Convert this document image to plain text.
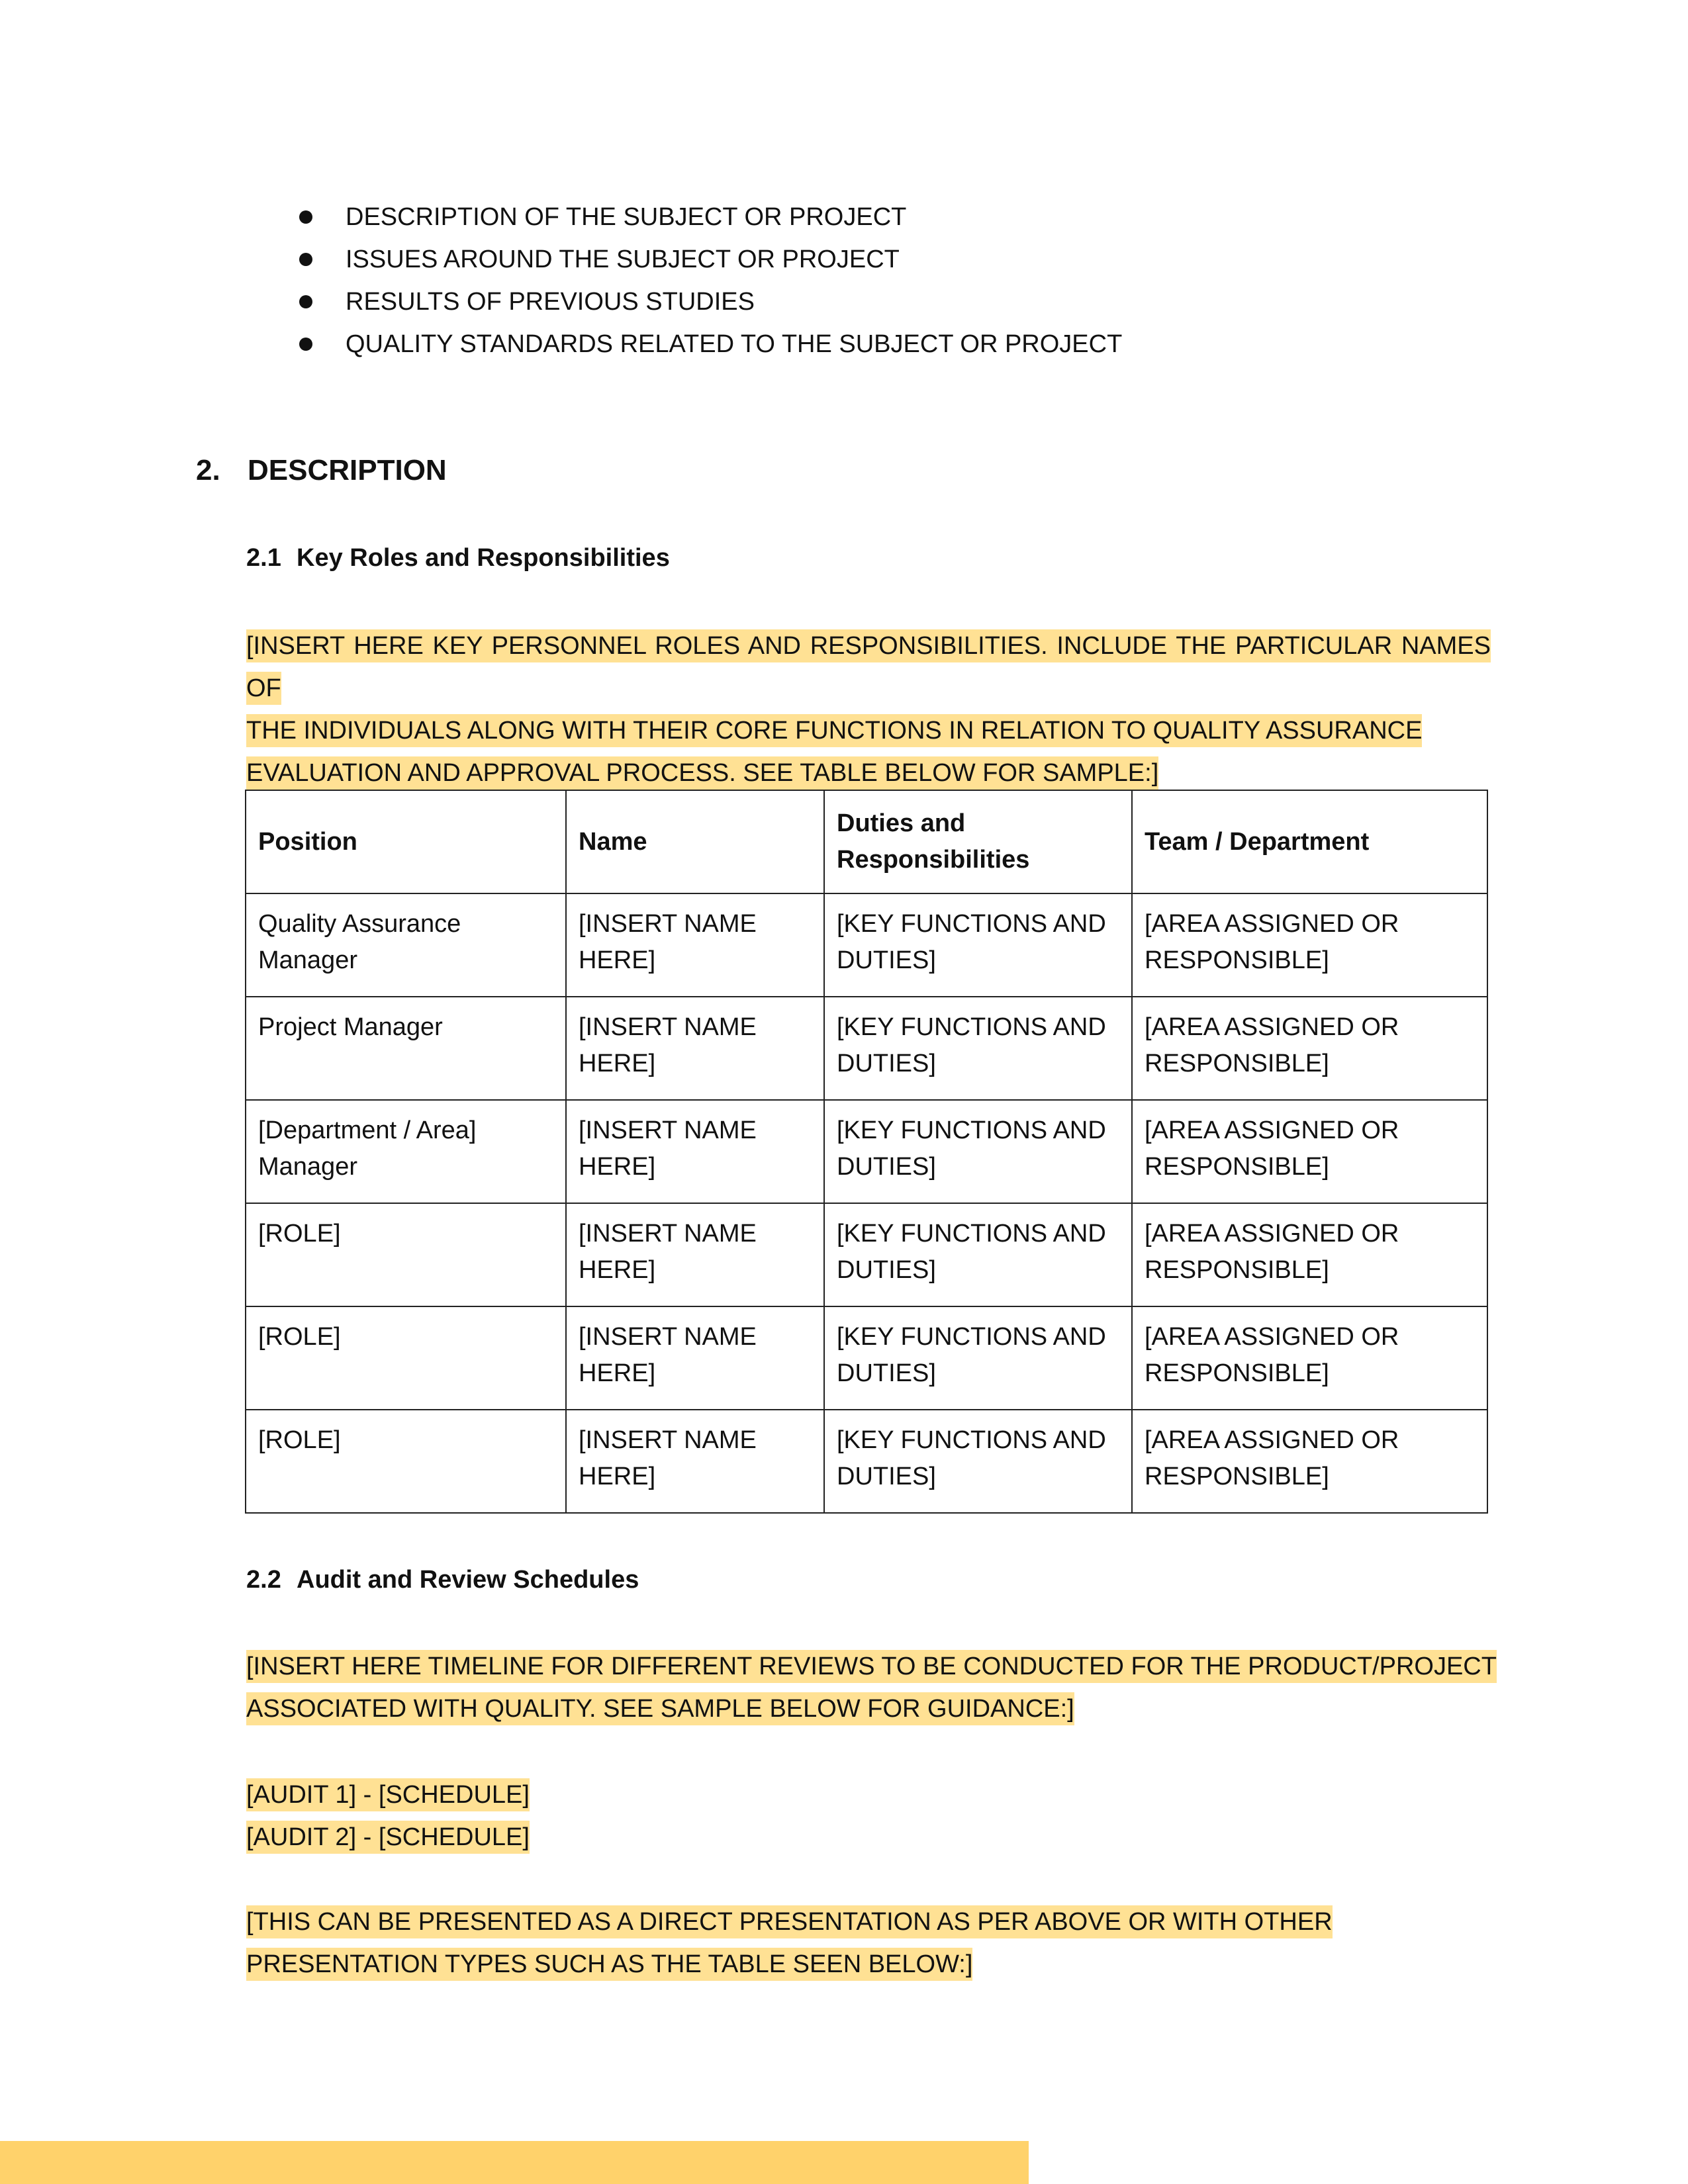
DESCRIPTION OF THE SUBJECT OR PROJECT
ISSUES AROUND THE SUBJECT OR PROJECT
RESULTS OF PREVIOUS STUDIES
QUALITY STANDARDS RELATED TO THE SUBJECT OR PROJECT
2. DESCRIPTION
2.1 Key Roles and Responsibilities
[INSERT HERE KEY PERSONNEL ROLES AND RESPONSIBILITIES. INCLUDE THE PARTICULAR NAMES OF
THE INDIVIDUALS ALONG WITH THEIR CORE FUNCTIONS IN RELATION TO QUALITY ASSURANCE
EVALUATION AND APPROVAL PROCESS. SEE TABLE BELOW FOR SAMPLE:]
Position	Name	Duties and Responsibilities	Team / Department
Quality Assurance Manager	[INSERT NAME HERE]	[KEY FUNCTIONS AND DUTIES]	[AREA ASSIGNED OR RESPONSIBLE]
Project Manager	[INSERT NAME HERE]	[KEY FUNCTIONS AND DUTIES]	[AREA ASSIGNED OR RESPONSIBLE]
[Department / Area] Manager	[INSERT NAME HERE]	[KEY FUNCTIONS AND DUTIES]	[AREA ASSIGNED OR RESPONSIBLE]
[ROLE]	[INSERT NAME HERE]	[KEY FUNCTIONS AND DUTIES]	[AREA ASSIGNED OR RESPONSIBLE]
[ROLE]	[INSERT NAME HERE]	[KEY FUNCTIONS AND DUTIES]	[AREA ASSIGNED OR RESPONSIBLE]
[ROLE]	[INSERT NAME HERE]	[KEY FUNCTIONS AND DUTIES]	[AREA ASSIGNED OR RESPONSIBLE]
2.2 Audit and Review Schedules
[INSERT HERE TIMELINE FOR DIFFERENT REVIEWS TO BE CONDUCTED FOR THE PRODUCT/PROJECT
ASSOCIATED WITH QUALITY. SEE SAMPLE BELOW FOR GUIDANCE:]
[AUDIT 1] - [SCHEDULE]
[AUDIT 2] - [SCHEDULE]
[THIS CAN BE PRESENTED AS A DIRECT PRESENTATION AS PER ABOVE OR WITH OTHER
PRESENTATION TYPES SUCH AS THE TABLE SEEN BELOW:]
